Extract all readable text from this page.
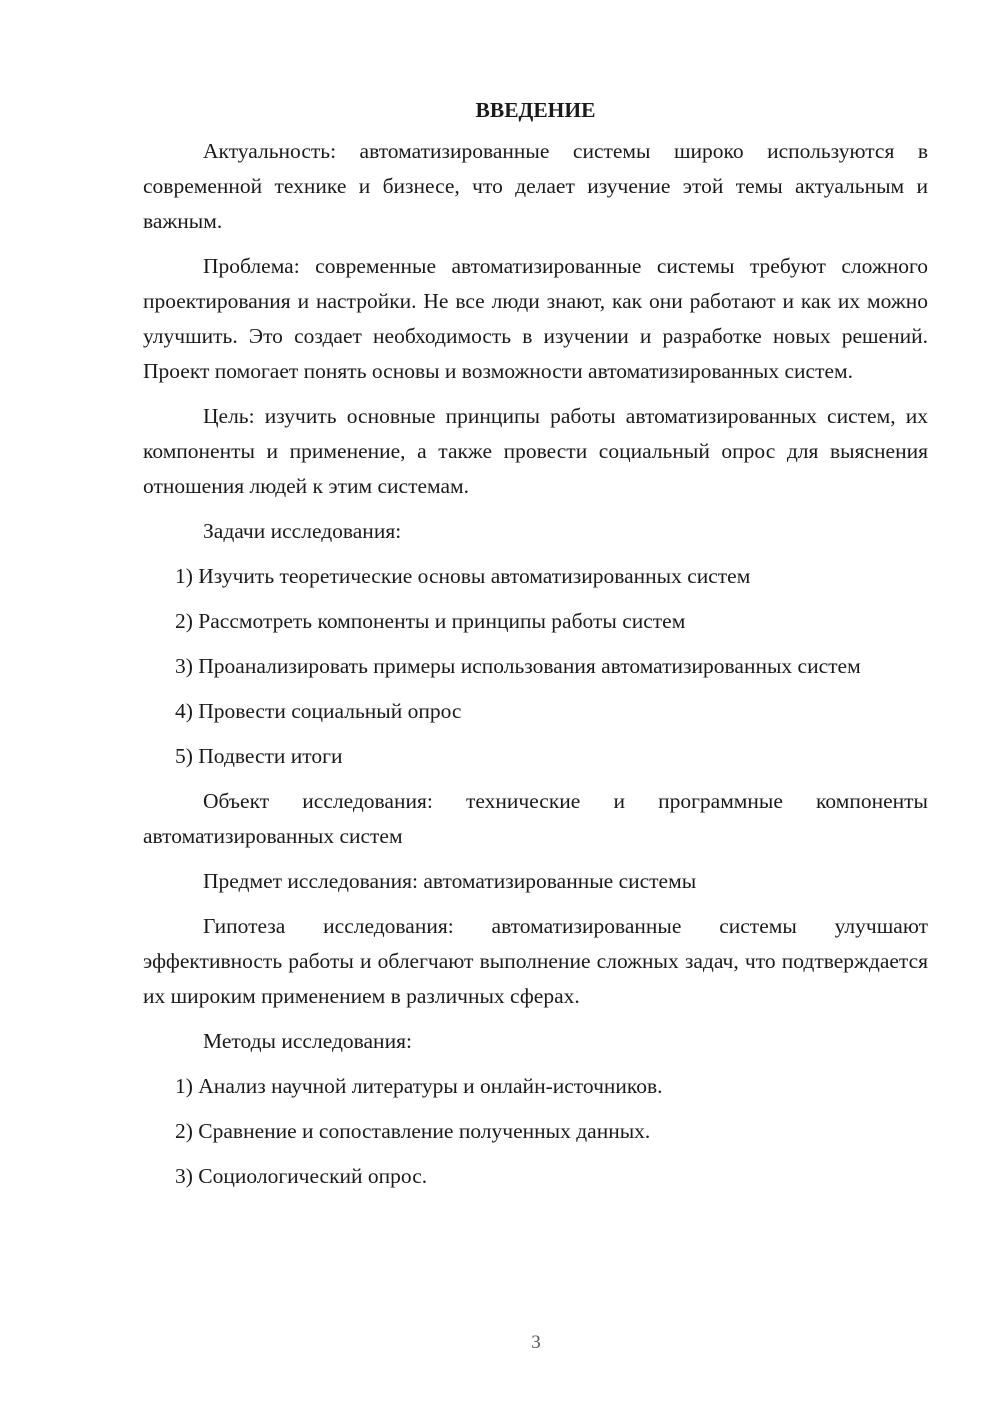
ВВЕДЕНИЕ

Актуальность: автоматизированные системы широко используются в современной технике и бизнесе, что делает изучение этой темы актуальным и важным.

Проблема: современные автоматизированные системы требуют сложного проектирования и настройки. Не все люди знают, как они работают и как их можно улучшить. Это создает необходимость в изучении и разработке новых решений. Проект помогает понять основы и возможности автоматизированных систем.

Цель: изучить основные принципы работы автоматизированных систем, их компоненты и применение, а также провести социальный опрос для выяснения отношения людей к этим системам.

Задачи исследования:

1) Изучить теоретические основы автоматизированных систем

2) Рассмотреть компоненты и принципы работы систем

3) Проанализировать примеры использования автоматизированных систем

4) Провести социальный опрос

5) Подвести итоги

Объект исследования: технические и программные компоненты автоматизированных систем

Предмет исследования: автоматизированные системы

Гипотеза исследования: автоматизированные системы улучшают эффективность работы и облегчают выполнение сложных задач, что подтверждается их широким применением в различных сферах.

Методы исследования:

1) Анализ научной литературы и онлайн-источников.

2) Сравнение и сопоставление полученных данных.

3) Социологический опрос.

3
